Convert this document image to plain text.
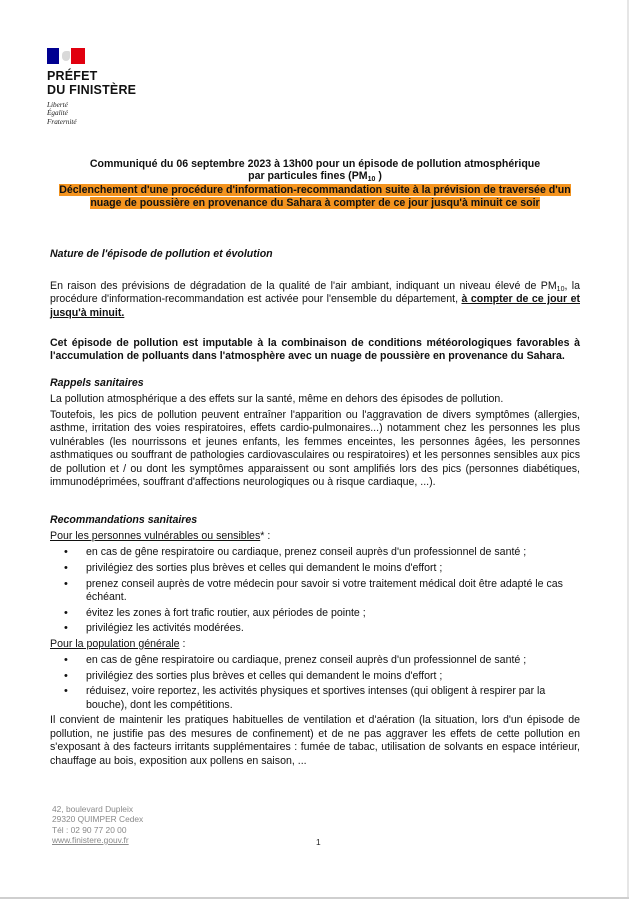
PRÉFET
DU FINISTÈRE
Liberté
Égalité
Fraternité
Communiqué du 06 septembre 2023 à 13h00 pour un épisode de pollution atmosphérique
par particules fines ($PM_{10}$ )
Déclenchement d'une procédure d'information-recommandation suite à la prévision de traversée d'un
nuage de poussière en provenance du Sahara à compter de ce jour jusqu'à minuit ce soir
Nature de l'épisode de pollution et évolution
En raison des prévisions de dégradation de la qualité de l'air ambiant, indiquant un niveau élevé de $PM_{10}$, la procédure d'information-recommandation est activée pour l'ensemble du département, à compter de ce jour et jusqu'à minuit.
Cet épisode de pollution est imputable à la combinaison de conditions météorologiques favorables à l'accumulation de polluants dans l'atmosphère avec un nuage de poussière en provenance du Sahara.
Rappels sanitaires
La pollution atmosphérique a des effets sur la santé, même en dehors des épisodes de pollution.
Toutefois, les pics de pollution peuvent entraîner l'apparition ou l'aggravation de divers symptômes (allergies, asthme, irritation des voies respiratoires, effets cardio-pulmonaires...) notamment chez les personnes les plus vulnérables (les nourrissons et jeunes enfants, les femmes enceintes, les personnes âgées, les personnes asthmatiques ou souffrant de pathologies cardiovasculaires ou respiratoires) et les personnes sensibles aux pics de pollution et / ou dont les symptômes apparaissent ou sont amplifiés lors des pics (personnes diabétiques, immunodéprimées, souffrant d'affections neurologiques ou à risque cardiaque, ...).
Recommandations sanitaires
Pour les personnes vulnérables ou sensibles* :
• en cas de gêne respiratoire ou cardiaque, prenez conseil auprès d'un professionnel de santé ;
• privilégiez des sorties plus brèves et celles qui demandent le moins d'effort ;
• prenez conseil auprès de votre médecin pour savoir si votre traitement médical doit être adapté le cas échéant.
• évitez les zones à fort trafic routier, aux périodes de pointe ;
• privilégiez les activités modérées.
Pour la population générale :
• en cas de gêne respiratoire ou cardiaque, prenez conseil auprès d'un professionnel de santé ;
• privilégiez des sorties plus brèves et celles qui demandent le moins d'effort ;
• réduisez, voire reportez, les activités physiques et sportives intenses (qui obligent à respirer par la bouche), dont les compétitions.
Il convient de maintenir les pratiques habituelles de ventilation et d'aération (la situation, lors d'un épisode de pollution, ne justifie pas des mesures de confinement) et de ne pas aggraver les effets de cette pollution en s'exposant à des facteurs irritants supplémentaires : fumée de tabac, utilisation de solvants en espace intérieur, chauffage au bois, exposition aux pollens en saison, ...
42, boulevard Dupleix
29320 QUIMPER Cedex
Tél : 02 90 77 20 00
www.finistere.gouv.fr	1
